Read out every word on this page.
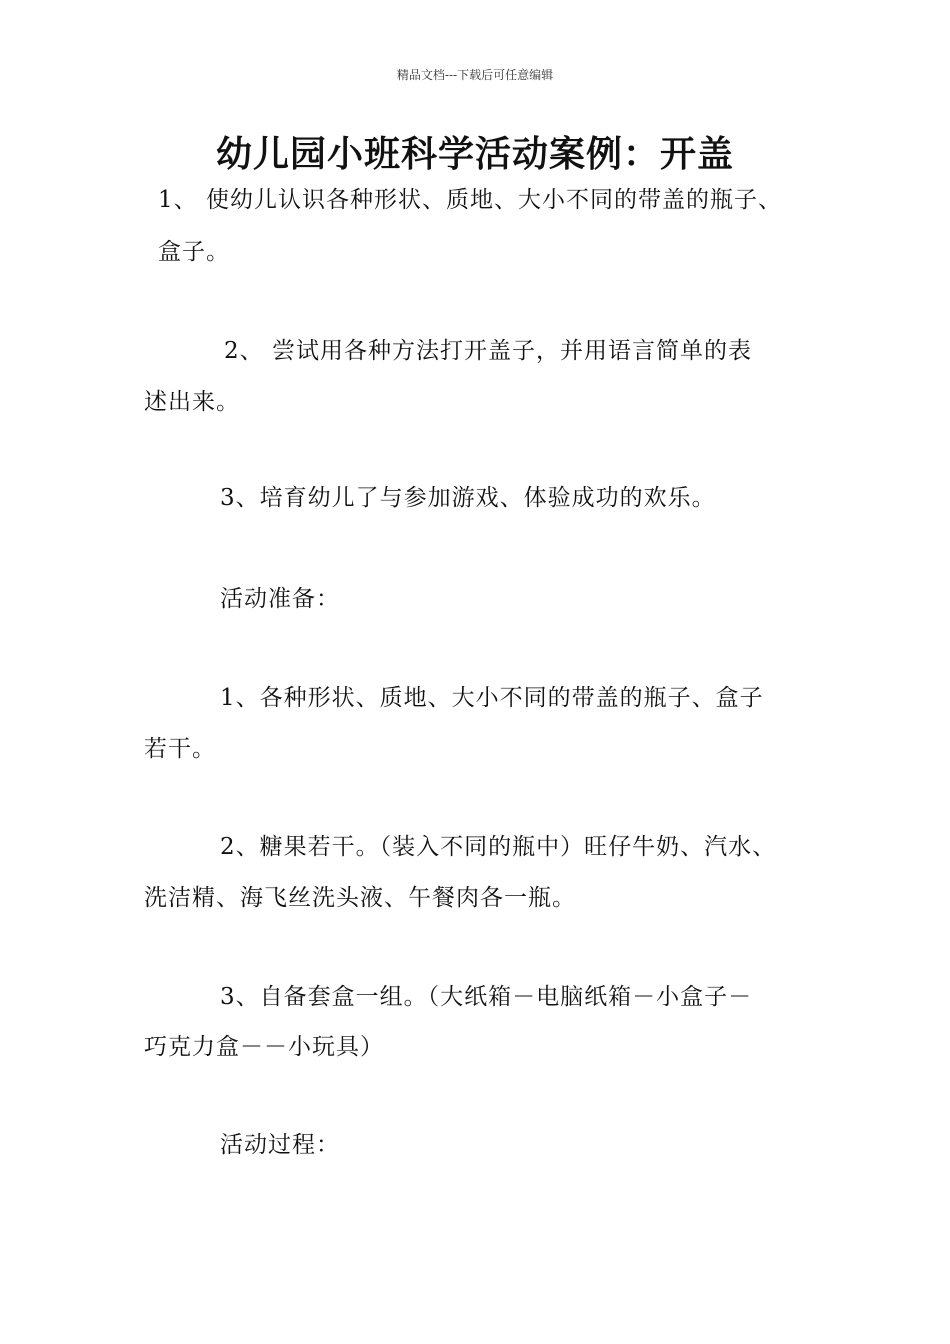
精品文档---下载后可任意编辑
幼儿园小班科学活动案例：开盖
1、 使幼儿认识各种形状、质地、大小不同的带盖的瓶子、
盒子。
2、 尝试用各种方法打开盖子，并用语言简单的表
述出来。
3、培育幼儿了与参加游戏、体验成功的欢乐。
活动准备：
1、各种形状、质地、大小不同的带盖的瓶子、盒子
若干。
2、糖果若干。（装入不同的瓶中）旺仔牛奶、汽水、
洗洁精、海飞丝洗头液、午餐肉各一瓶。
3、自备套盒一组。（大纸箱－电脑纸箱－小盒子－
巧克力盒－－小玩具）
活动过程：
